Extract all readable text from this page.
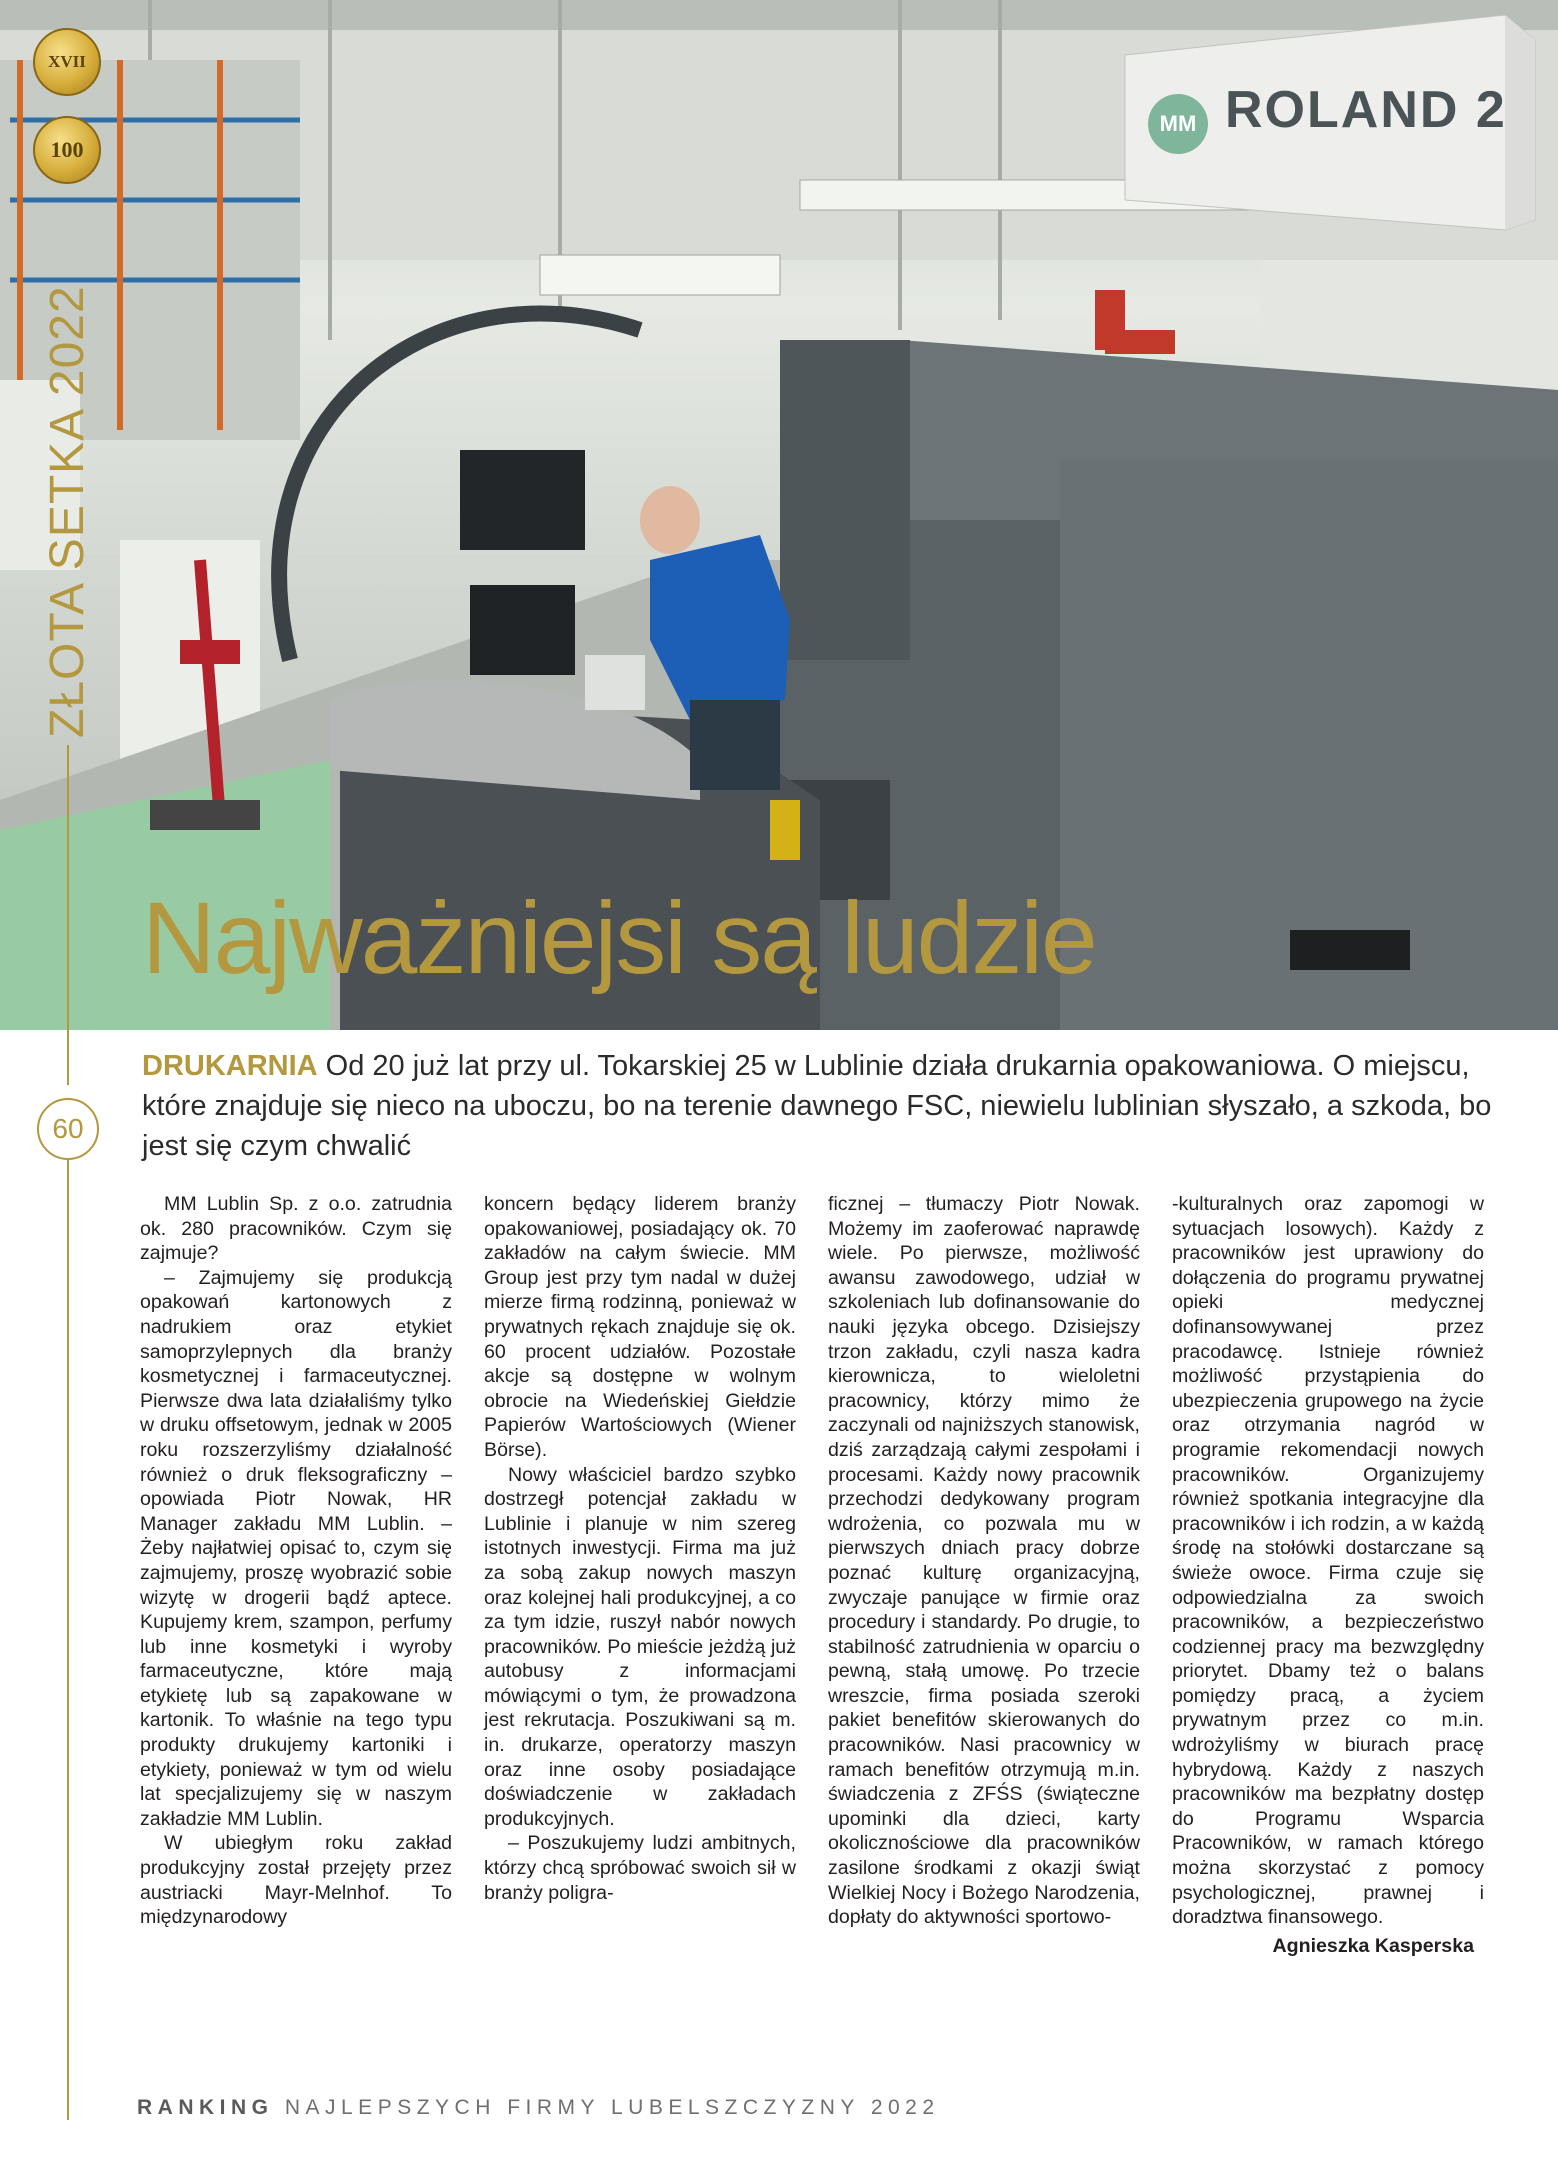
MM ROLAND 2
Najważniejsi są ludzie
XVII
100
60
DRUKARNIA Od 20 już lat przy ul. Tokarskiej 25 w Lublinie działa drukarnia opakowaniowa. O miejscu, które znajduje się nieco na uboczu, bo na terenie dawnego FSC, niewielu lublinian słyszało, a szkoda, bo jest się czym chwalić

MM Lublin Sp. z o.o. zatrudnia ok. 280 pracowników. Czym się zajmuje?

– Zajmujemy się produkcją opakowań kartonowych z nadrukiem oraz etykiet samoprzylepnych dla branży kosmetycznej i farmaceutycznej. Pierwsze dwa lata działaliśmy tylko w druku offsetowym, jednak w 2005 roku rozszerzyliśmy działalność również o druk fleksograficzny – opowiada Piotr Nowak, HR Manager zakładu MM Lublin. – Żeby najłatwiej opisać to, czym się zajmujemy, proszę wyobrazić sobie wizytę w drogerii bądź aptece. Kupujemy krem, szampon, perfumy lub inne kosmetyki i wyroby farmaceutyczne, które mają etykietę lub są zapakowane w kartonik. To właśnie na tego typu produkty drukujemy kartoniki i etykiety, ponieważ w tym od wielu lat specjalizujemy się w naszym zakładzie MM Lublin.

W ubiegłym roku zakład produkcyjny został przejęty przez austriacki Mayr-Melnhof. To międzynarodowy

koncern będący liderem branży opakowaniowej, posiadający ok. 70 zakładów na całym świecie. MM Group jest przy tym nadal w dużej mierze firmą rodzinną, ponieważ w prywatnych rękach znajduje się ok. 60 procent udziałów. Pozostałe akcje są dostępne w wolnym obrocie na Wiedeńskiej Giełdzie Papierów Wartościowych (Wiener Börse).

Nowy właściciel bardzo szybko dostrzegł potencjał zakładu w Lublinie i planuje w nim szereg istotnych inwestycji. Firma ma już za sobą zakup nowych maszyn oraz kolejnej hali produkcyjnej, a co za tym idzie, ruszył nabór nowych pracowników. Po mieście jeżdżą już autobusy z informacjami mówiącymi o tym, że prowadzona jest rekrutacja. Poszukiwani są m. in. drukarze, operatorzy maszyn oraz inne osoby posiadające doświadczenie w zakładach produkcyjnych.

– Poszukujemy ludzi ambitnych, którzy chcą spróbować swoich sił w branży poligra-

ficznej – tłumaczy Piotr Nowak. Możemy im zaoferować naprawdę wiele. Po pierwsze, możliwość awansu zawodowego, udział w szkoleniach lub dofinansowanie do nauki języka obcego. Dzisiejszy trzon zakładu, czyli nasza kadra kierownicza, to wieloletni pracownicy, którzy mimo że zaczynali od najniższych stanowisk, dziś zarządzają całymi zespołami i procesami. Każdy nowy pracownik przechodzi dedykowany program wdrożenia, co pozwala mu w pierwszych dniach pracy dobrze poznać kulturę organizacyjną, zwyczaje panujące w firmie oraz procedury i standardy. Po drugie, to stabilność zatrudnienia w oparciu o pewną, stałą umowę. Po trzecie wreszcie, firma posiada szeroki pakiet benefitów skierowanych do pracowników. Nasi pracownicy w ramach benefitów otrzymują m.in. świadczenia z ZFŚS (świąteczne upominki dla dzieci, karty okolicznościowe dla pracowników zasilone środkami z okazji świąt Wielkiej Nocy i Bożego Narodzenia, dopłaty do aktywności sportowo-

-kulturalnych oraz zapomogi w sytuacjach losowych). Każdy z pracowników jest uprawiony do dołączenia do programu prywatnej opieki medycznej dofinansowywanej przez pracodawcę. Istnieje również możliwość przystąpienia do ubezpieczenia grupowego na życie oraz otrzymania nagród w programie rekomendacji nowych pracowników. Organizujemy również spotkania integracyjne dla pracowników i ich rodzin, a w każdą środę na stołówki dostarczane są świeże owoce. Firma czuje się odpowiedzialna za swoich pracowników, a bezpieczeństwo codziennej pracy ma bezwzględny priorytet. Dbamy też o balans pomiędzy pracą, a życiem prywatnym przez co m.in. wdrożyliśmy w biurach pracę hybrydową. Każdy z naszych pracowników ma bezpłatny dostęp do Programu Wsparcia Pracowników, w ramach którego można skorzystać z pomocy psychologicznej, prawnej i doradztwa finansowego.

Agnieszka Kasperska
RANKING NAJLEPSZYCH FIRMY LUBELSZCZYZNY 2022
